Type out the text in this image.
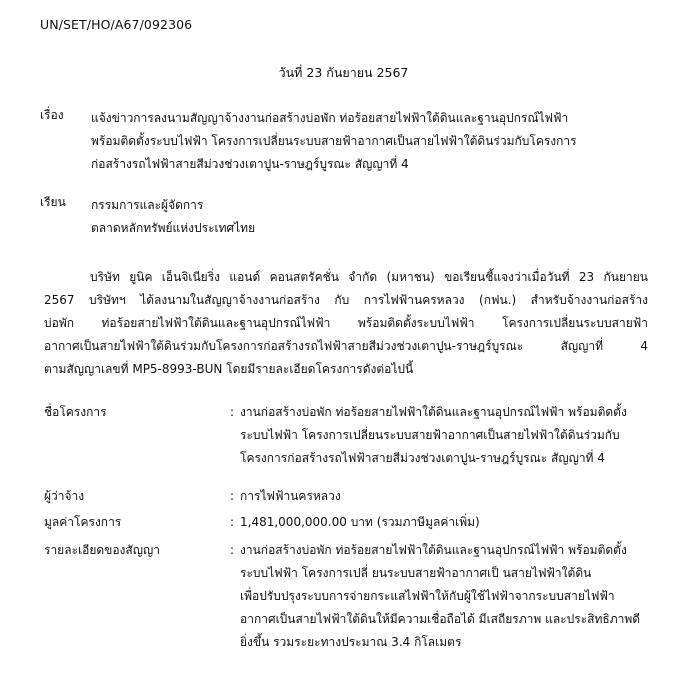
UN/SET/HO/A67/092306
วันที่ 23 กันยายน 2567
เรื่อง แจ้งข่าวการลงนามสัญญาจ้างงานก่อสร้างบ่อพัก ท่อร้อยสายไฟฟ้าใต้ดินและฐานอุปกรณ์ไฟฟ้า
พร้อมติดตั้งระบบไฟฟ้า โครงการเปลี่ยนระบบสายฟ้าอากาศเป็นสายไฟฟ้าใต้ดินร่วมกับโครงการ
ก่อสร้างรถไฟฟ้าสายสีม่วงช่วงเตาปูน-ราษฎร์บูรณะ สัญญาที่ 4
เรียน กรรมการและผู้จัดการ
ตลาดหลักทรัพย์แห่งประเทศไทย
บริษัท ยูนิค เอ็นจิเนียริ่ง แอนด์ คอนสตรัคชั่น จำกัด (มหาชน) ขอเรียนชี้แจงว่าเมื่อวันที่ 23 กันยายน
2567 บริษัทฯ ได้ลงนามในสัญญาจ้างงานก่อสร้าง กับ การไฟฟ้านครหลวง (กฟน.) สำหรับจ้างงานก่อสร้าง
บ่อพัก ท่อร้อยสายไฟฟ้าใต้ดินและฐานอุปกรณ์ไฟฟ้า พร้อมติดตั้งระบบไฟฟ้า โครงการเปลี่ยนระบบสายฟ้า
อากาศเป็นสายไฟฟ้าใต้ดินร่วมกับโครงการก่อสร้างรถไฟฟ้าสายสีม่วงช่วงเตาปูน-ราษฎร์บูรณะ สัญญาที่ 4
ตามสัญญาเลขที่ MP5-8993-BUN โดยมีรายละเอียดโครงการดังต่อไปนี้
ชื่อโครงการ	: งานก่อสร้างบ่อพัก ท่อร้อยสายไฟฟ้าใต้ดินและฐานอุปกรณ์ไฟฟ้า พร้อมติดตั้ง
ระบบไฟฟ้า โครงการเปลี่ยนระบบสายฟ้าอากาศเป็นสายไฟฟ้าใต้ดินร่วมกับ
โครงการก่อสร้างรถไฟฟ้าสายสีม่วงช่วงเตาปูน-ราษฎร์บูรณะ สัญญาที่ 4
ผู้ว่าจ้าง	: การไฟฟ้านครหลวง
มูลค่าโครงการ	: 1,481,000,000.00 บาท (รวมภาษีมูลค่าเพิ่ม)
รายละเอียดของสัญญา	: งานก่อสร้างบ่อพัก ท่อร้อยสายไฟฟ้าใต้ดินและฐานอุปกรณ์ไฟฟ้า พร้อมติดตั้ง
ระบบไฟฟ้า โครงการเปลี่ ยนระบบสายฟ้าอากาศเป็ นสายไฟฟ้าใต้ดิน
เพื่อปรับปรุงระบบการจ่ายกระแสไฟฟ้าให้กับผู้ใช้ไฟฟ้าจากระบบสายไฟฟ้า
อากาศเป็นสายไฟฟ้าใต้ดินให้มีความเชื่อถือได้ มีเสถียรภาพ และประสิทธิภาพดี
ยิ่งขึ้น รวมระยะทางประมาณ 3.4 กิโลเมตร
